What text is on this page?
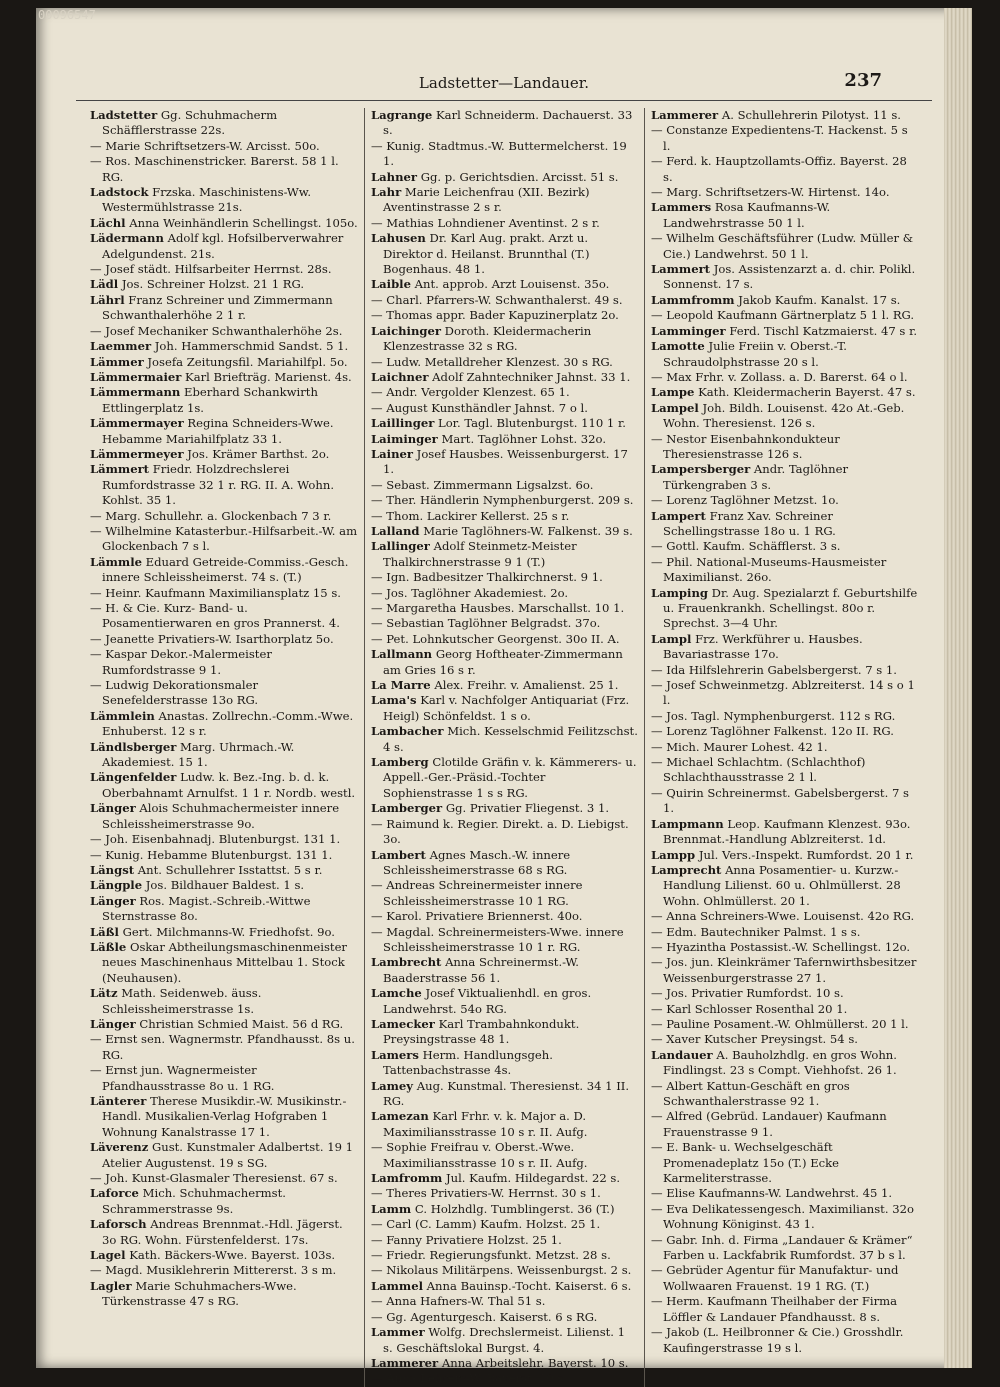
00096547
Ladstetter—Landauer.	237

Ladstetter Gg. Schuhmacherm Schäfflerstrasse 22s.

— Marie Schriftsetzers-W. Arcisst. 50o.

— Ros. Maschinenstricker. Barerst. 58 1 l. RG.

Ladstock Frzska. Maschinistens-Ww. Westermühlstrasse 21s.

Lächl Anna Weinhändlerin Schellingst. 105o.

Lädermann Adolf kgl. Hofsilberverwahrer Adelgundenst. 21s.

— Josef städt. Hilfsarbeiter Herrnst. 28s.

Lädl Jos. Schreiner Holzst. 21 1 RG.

Lährl Franz Schreiner und Zimmermann Schwanthalerhöhe 2 1 r.

— Josef Mechaniker Schwanthalerhöhe 2s.

Laemmer Joh. Hammerschmid Sandst. 5 1.

Lämmer Josefa Zeitungsfil. Mariahilfpl. 5o.

Lämmermaier Karl Briefträg. Marienst. 4s.

Lämmermann Eberhard Schankwirth Ettlingerplatz 1s.

Lämmermayer Regina Schneiders-Wwe. Hebamme Mariahilfplatz 33 1.

Lämmermeyer Jos. Krämer Barthst. 2o.

Lämmert Friedr. Holzdrechslerei Rumfordstrasse 32 1 r. RG. II. A. Wohn. Kohlst. 35 1.

— Marg. Schullehr. a. Glockenbach 7 3 r.

— Wilhelmine Katasterbur.-Hilfsarbeit.-W. am Glockenbach 7 s l.

Lämmle Eduard Getreide-Commiss.-Gesch. innere Schleissheimerst. 74 s. (T.)

— Heinr. Kaufmann Maximiliansplatz 15 s.

— H. & Cie. Kurz- Band- u. Posamentierwaren en gros Prannerst. 4.

— Jeanette Privatiers-W. Isarthorplatz 5o.

— Kaspar Dekor.-Malermeister Rumfordstrasse 9 1.

— Ludwig Dekorationsmaler Senefelderstrasse 13o RG.

Lämmlein Anastas. Zollrechn.-Comm.-Wwe. Enhuberst. 12 s r.

Ländlsberger Marg. Uhrmach.-W. Akademiest. 15 1.

Längenfelder Ludw. k. Bez.-Ing. b. d. k. Oberbahnamt Arnulfst. 1 1 r. Nordb. westl.

Länger Alois Schuhmachermeister innere Schleissheimerstrasse 9o.

— Joh. Eisenbahnadj. Blutenburgst. 131 1.

— Kunig. Hebamme Blutenburgst. 131 1.

Längst Ant. Schullehrer Isstattst. 5 s r.

Längple Jos. Bildhauer Baldest. 1 s.

Länger Ros. Magist.-Schreib.-Wittwe Sternstrasse 8o.

Läßl Gert. Milchmanns-W. Friedhofst. 9o.

Läßle Oskar Abtheilungsmaschinenmeister neues Maschinenhaus Mittelbau 1. Stock (Neuhausen).

Lätz Math. Seidenweb. äuss. Schleissheimerstrasse 1s.

Länger Christian Schmied Maist. 56 d RG.

— Ernst sen. Wagnermstr. Pfandhausst. 8s u. RG.

— Ernst jun. Wagnermeister Pfandhausstrasse 8o u. 1 RG.

Länterer Therese Musikdir.-W. Musikinstr.-Handl. Musikalien-Verlag Hofgraben 1 Wohnung Kanalstrasse 17 1.

Läverenz Gust. Kunstmaler Adalbertst. 19 1 Atelier Augustenst. 19 s SG.

— Joh. Kunst-Glasmaler Theresienst. 67 s.

Laforce Mich. Schuhmachermst. Schrammerstrasse 9s.

Laforsch Andreas Brennmat.-Hdl. Jägerst. 3o RG. Wohn. Fürstenfelderst. 17s.

Lagel Kath. Bäckers-Wwe. Bayerst. 103s.

— Magd. Musiklehrerin Mittererst. 3 s m.

Lagler Marie Schuhmachers-Wwe. Türkenstrasse 47 s RG.

Lagrange Karl Schneiderm. Dachauerst. 33 s.

— Kunig. Stadtmus.-W. Buttermelcherst. 19 1.

Lahner Gg. p. Gerichtsdien. Arcisst. 51 s.

Lahr Marie Leichenfrau (XII. Bezirk) Aventinstrasse 2 s r.

— Mathias Lohndiener Aventinst. 2 s r.

Lahusen Dr. Karl Aug. prakt. Arzt u. Direktor d. Heilanst. Brunnthal (T.) Bogenhaus. 48 1.

Laible Ant. approb. Arzt Louisenst. 35o.

— Charl. Pfarrers-W. Schwanthalerst. 49 s.

— Thomas appr. Bader Kapuzinerplatz 2o.

Laichinger Doroth. Kleidermacherin Klenzestrasse 32 s RG.

— Ludw. Metalldreher Klenzest. 30 s RG.

Laichner Adolf Zahntechniker Jahnst. 33 1.

— Andr. Vergolder Klenzest. 65 1.

— August Kunsthändler Jahnst. 7 o l.

Laillinger Lor. Tagl. Blutenburgst. 110 1 r.

Laiminger Mart. Taglöhner Lohst. 32o.

Lainer Josef Hausbes. Weissenburgerst. 17 1.

— Sebast. Zimmermann Ligsalzst. 6o.

— Ther. Händlerin Nymphenburgerst. 209 s.

— Thom. Lackirer Kellerst. 25 s r.

Lalland Marie Taglöhners-W. Falkenst. 39 s.

Lallinger Adolf Steinmetz-Meister Thalkirchnerstrasse 9 1 (T.)

— Ign. Badbesitzer Thalkirchnerst. 9 1.

— Jos. Taglöhner Akademiest. 2o.

— Margaretha Hausbes. Marschallst. 10 1.

— Sebastian Taglöhner Belgradst. 37o.

— Pet. Lohnkutscher Georgenst. 30o II. A.

Lallmann Georg Hoftheater-Zimmermann am Gries 16 s r.

La Marre Alex. Freihr. v. Amalienst. 25 1.

Lama's Karl v. Nachfolger Antiquariat (Frz. Heigl) Schönfeldst. 1 s o.

Lambacher Mich. Kesselschmid Feilitzschst. 4 s.

Lamberg Clotilde Gräfin v. k. Kämmerers- u. Appell.-Ger.-Präsid.-Tochter Sophienstrasse 1 s s RG.

Lamberger Gg. Privatier Fliegenst. 3 1.

— Raimund k. Regier. Direkt. a. D. Liebigst. 3o.

Lambert Agnes Masch.-W. innere Schleissheimerstrasse 68 s RG.

— Andreas Schreinermeister innere Schleissheimerstrasse 10 1 RG.

— Karol. Privatiere Briennerst. 40o.

— Magdal. Schreinermeisters-Wwe. innere Schleissheimerstrasse 10 1 r. RG.

Lambrecht Anna Schreinermst.-W. Baaderstrasse 56 1.

Lamche Josef Viktualienhdl. en gros. Landwehrst. 54o RG.

Lamecker Karl Trambahnkondukt. Preysingstrasse 48 1.

Lamers Herm. Handlungsgeh. Tattenbachstrasse 4s.

Lamey Aug. Kunstmal. Theresienst. 34 1 II. RG.

Lamezan Karl Frhr. v. k. Major a. D. Maximiliansstrasse 10 s r. II. Aufg.

— Sophie Freifrau v. Oberst.-Wwe. Maximiliansstrasse 10 s r. II. Aufg.

Lamfromm Jul. Kaufm. Hildegardst. 22 s.

— Theres Privatiers-W. Herrnst. 30 s 1.

Lamm C. Holzhdlg. Tumblingerst. 36 (T.)

— Carl (C. Lamm) Kaufm. Holzst. 25 1.

— Fanny Privatiere Holzst. 25 1.

— Friedr. Regierungsfunkt. Metzst. 28 s.

— Nikolaus Militärpens. Weissenburgst. 2 s.

Lammel Anna Bauinsp.-Tocht. Kaiserst. 6 s.

— Anna Hafners-W. Thal 51 s.

— Gg. Agenturgesch. Kaiserst. 6 s RG.

Lammer Wolfg. Drechslermeist. Lilienst. 1 s. Geschäftslokal Burgst. 4.

Lammerer Anna Arbeitslehr. Bayerst. 10 s.

— Anna Lehrers-W. Bayerst. 10 s.

Lammerer A. Schullehrerin Pilotyst. 11 s.

— Constanze Expedientens-T. Hackenst. 5 s l.

— Ferd. k. Hauptzollamts-Offiz. Bayerst. 28 s.

— Marg. Schriftsetzers-W. Hirtenst. 14o.

Lammers Rosa Kaufmanns-W. Landwehrstrasse 50 1 l.

— Wilhelm Geschäftsführer (Ludw. Müller & Cie.) Landwehrst. 50 1 l.

Lammert Jos. Assistenzarzt a. d. chir. Polikl. Sonnenst. 17 s.

Lammfromm Jakob Kaufm. Kanalst. 17 s.

— Leopold Kaufmann Gärtnerplatz 5 1 l. RG.

Lamminger Ferd. Tischl Katzmaierst. 47 s r.

Lamotte Julie Freiin v. Oberst.-T. Schraudolphstrasse 20 s l.

— Max Frhr. v. Zollass. a. D. Barerst. 64 o l.

Lampe Kath. Kleidermacherin Bayerst. 47 s.

Lampel Joh. Bildh. Louisenst. 42o At.-Geb. Wohn. Theresienst. 126 s.

— Nestor Eisenbahnkondukteur Theresienstrasse 126 s.

Lampersberger Andr. Taglöhner Türkengraben 3 s.

— Lorenz Taglöhner Metzst. 1o.

Lampert Franz Xav. Schreiner Schellingstrasse 18o u. 1 RG.

— Gottl. Kaufm. Schäfflerst. 3 s.

— Phil. National-Museums-Hausmeister Maximilianst. 26o.

Lamping Dr. Aug. Spezialarzt f. Geburtshilfe u. Frauenkrankh. Schellingst. 80o r. Sprechst. 3—4 Uhr.

Lampl Frz. Werkführer u. Hausbes. Bavariastrasse 17o.

— Ida Hilfslehrerin Gabelsbergerst. 7 s 1.

— Josef Schweinmetzg. Ablzreiterst. 14 s o 1 l.

— Jos. Tagl. Nymphenburgerst. 112 s RG.

— Lorenz Taglöhner Falkenst. 12o II. RG.

— Mich. Maurer Lohest. 42 1.

— Michael Schlachtm. (Schlachthof) Schlachthausstrasse 2 1 l.

— Quirin Schreinermst. Gabelsbergerst. 7 s 1.

Lampmann Leop. Kaufmann Klenzest. 93o. Brennmat.-Handlung Ablzreiterst. 1d.

Lampp Jul. Vers.-Inspekt. Rumfordst. 20 1 r.

Lamprecht Anna Posamentier- u. Kurzw.-Handlung Lilienst. 60 u. Ohlmüllerst. 28 Wohn. Ohlmüllerst. 20 1.

— Anna Schreiners-Wwe. Louisenst. 42o RG.

— Edm. Bautechniker Palmst. 1 s s.

— Hyazintha Postassist.-W. Schellingst. 12o.

— Jos. jun. Kleinkrämer Tafernwirthsbesitzer Weissenburgerstrasse 27 1.

— Jos. Privatier Rumfordst. 10 s.

— Karl Schlosser Rosenthal 20 1.

— Pauline Posament.-W. Ohlmüllerst. 20 1 l.

— Xaver Kutscher Preysingst. 54 s.

Landauer A. Bauholzhdlg. en gros Wohn. Findlingst. 23 s Compt. Viehhofst. 26 1.

— Albert Kattun-Geschäft en gros Schwanthalerstrasse 92 1.

— Alfred (Gebrüd. Landauer) Kaufmann Frauenstrasse 9 1.

— E. Bank- u. Wechselgeschäft Promenadeplatz 15o (T.) Ecke Karmeliterstrasse.

— Elise Kaufmanns-W. Landwehrst. 45 1.

— Eva Delikatessengesch. Maximilianst. 32o Wohnung Königinst. 43 1.

— Gabr. Inh. d. Firma „Landauer & Krämer“ Farben u. Lackfabrik Rumfordst. 37 b s l.

— Gebrüder Agentur für Manufaktur- und Wollwaaren Frauenst. 19 1 RG. (T.)

— Herm. Kaufmann Theilhaber der Firma Löffler & Landauer Pfandhausst. 8 s.

— Jakob (L. Heilbronner & Cie.) Grosshdlr. Kaufingerstrasse 19 s l.
